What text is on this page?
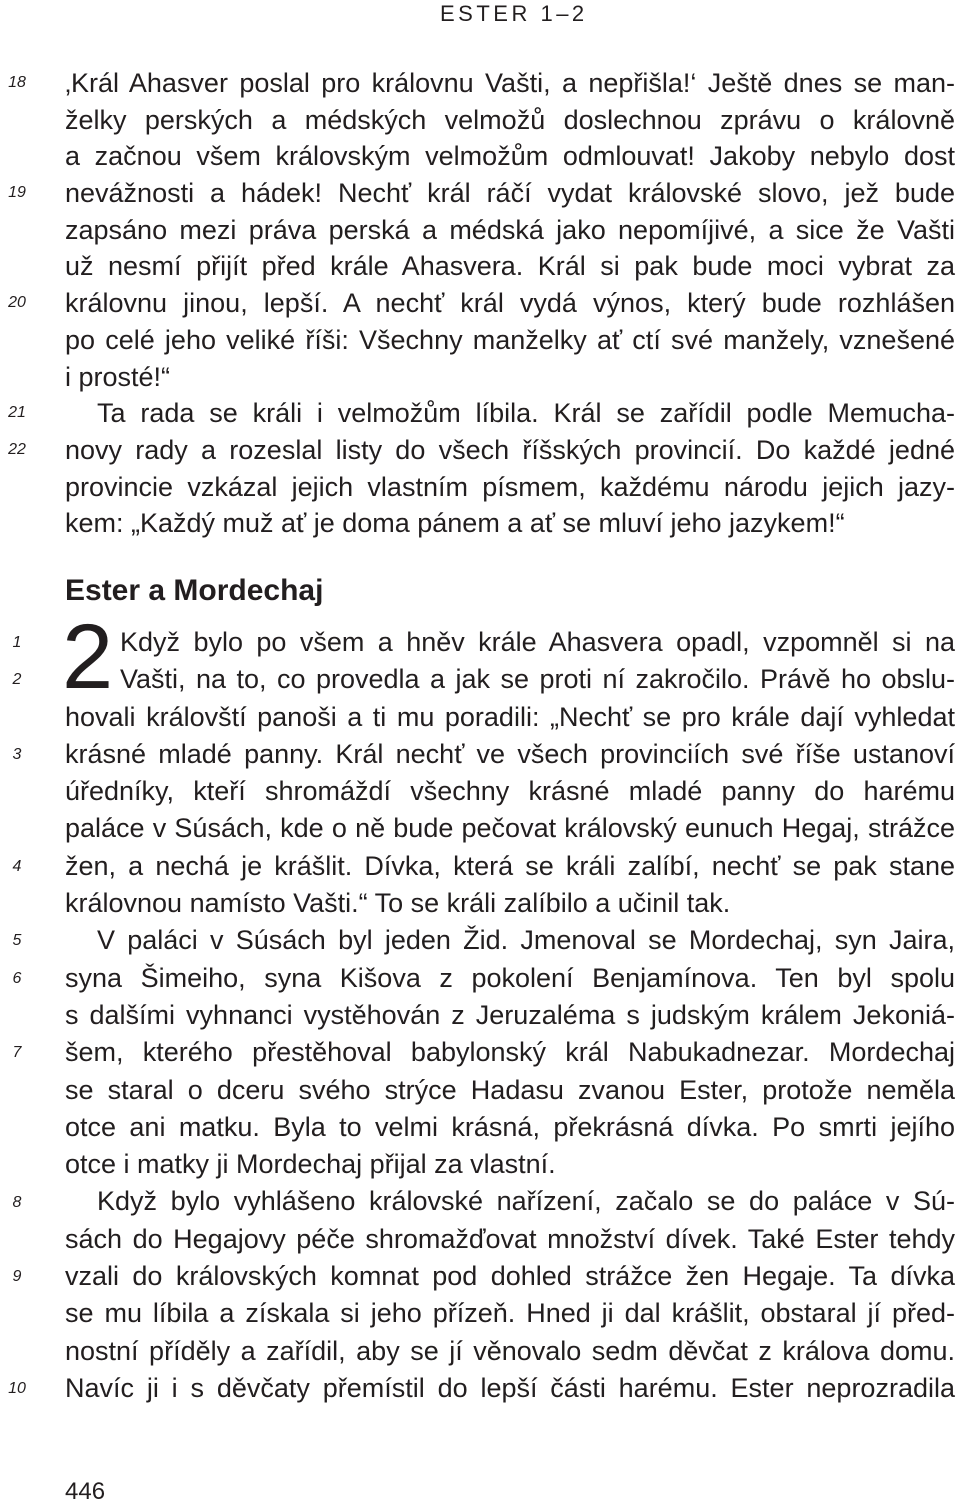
ESTER 1–2
18
19
20
21
22
1
2
3
4
5
6
7
8
9
10
‚Král Ahasver poslal pro královnu Vašti, a nepřišla!‘ Ještě dnes se man-
želky perských a médských velmožů doslechnou zprávu o královně
a začnou všem královským velmožům odmlouvat! Jakoby nebylo dost
nevážnosti a hádek! Nechť král ráčí vydat královské slovo, jež bude
zapsáno mezi práva perská a médská jako nepomíjivé, a sice že Vašti
už nesmí přijít před krále Ahasvera. Král si pak bude moci vybrat za
královnu jinou, lepší. A nechť král vydá výnos, který bude rozhlášen
po celé jeho veliké říši: Všechny manželky ať ctí své manžely, vznešené
i prosté!“
Ta rada se králi i velmožům líbila. Král se zařídil podle Memucha-
novy rady a rozeslal listy do všech říšských provincií. Do každé jedné
provincie vzkázal jejich vlastním písmem, každému národu jejich jazy-
kem: „Každý muž ať je doma pánem a ať se mluví jeho jazykem!“
Ester a Mordechaj
2 Když bylo po všem a hněv krále Ahasvera opadl, vzpomněl si na
Vašti, na to, co provedla a jak se proti ní zakročilo. Právě ho obslu-
hovali královští panoši a ti mu poradili: „Nechť se pro krále dají vyhledat
krásné mladé panny. Král nechť ve všech provinciích své říše ustanoví
úředníky, kteří shromáždí všechny krásné mladé panny do harému
paláce v Súsách, kde o ně bude pečovat královský eunuch Hegaj, strážce
žen, a nechá je krášlit. Dívka, která se králi zalíbí, nechť se pak stane
královnou namísto Vašti.“ To se králi zalíbilo a učinil tak.
V paláci v Súsách byl jeden Žid. Jmenoval se Mordechaj, syn Jaira,
syna Šimeiho, syna Kišova z pokolení Benjamínova. Ten byl spolu
s dalšími vyhnanci vystěhován z Jeruzaléma s judským králem Jekoniá-
šem, kterého přestěhoval babylonský král Nabukadnezar. Mordechaj
se staral o dceru svého strýce Hadasu zvanou Ester, protože neměla
otce ani matku. Byla to velmi krásná, překrásná dívka. Po smrti jejího
otce i matky ji Mordechaj přijal za vlastní.
Když bylo vyhlášeno královské nařízení, začalo se do paláce v Sú-
sách do Hegajovy péče shromažďovat množství dívek. Také Ester tehdy
vzali do královských komnat pod dohled strážce žen Hegaje. Ta dívka
se mu líbila a získala si jeho přízeň. Hned ji dal krášlit, obstaral jí před-
nostní příděly a zařídil, aby se jí věnovalo sedm děvčat z králova domu.
Navíc ji i s děvčaty přemístil do lepší části harému. Ester neprozradila
446
